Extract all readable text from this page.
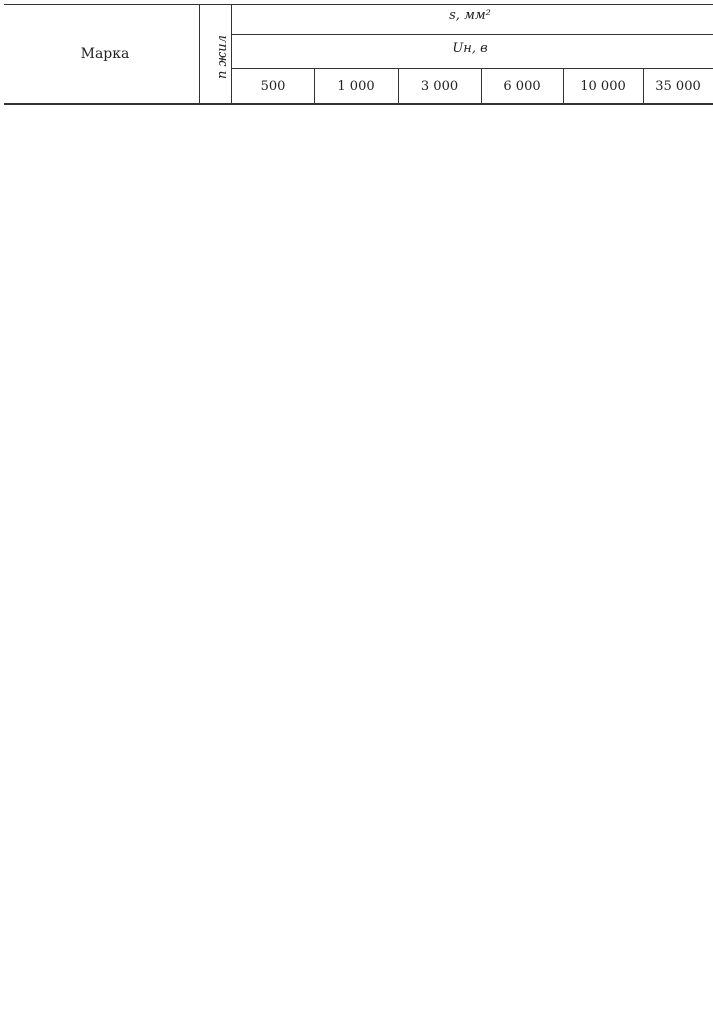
Марка	n жил
s, мм²
Uн, в
500	1 000	3 000	6 000	10 000	35 000
